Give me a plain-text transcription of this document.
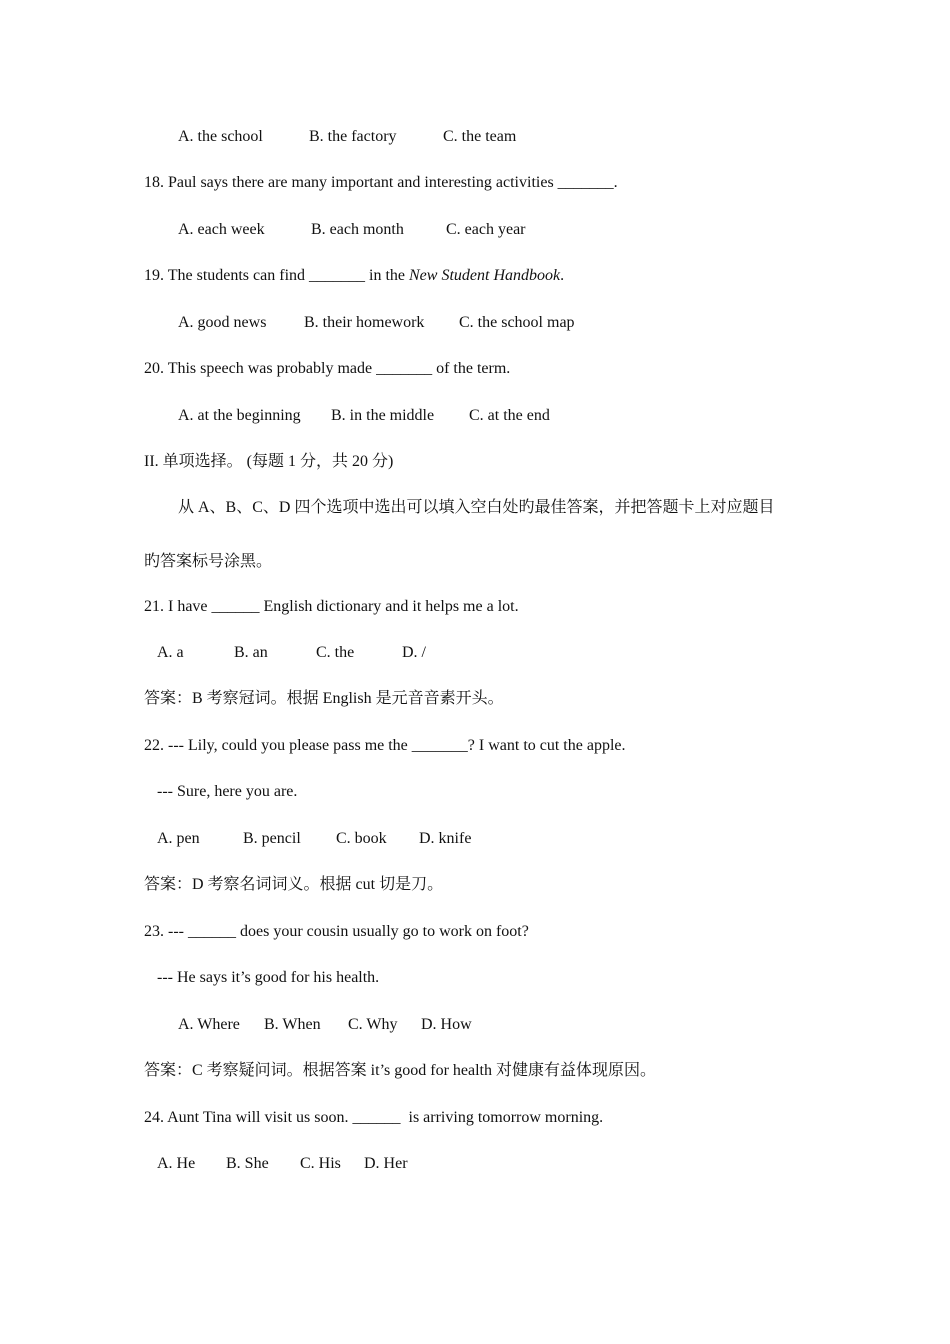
A. the school	B. the factory	C. the team
18. Paul says there are many important and interesting activities _______.
A. each week	B. each month	C. each year
19. The students can find _______ in the New Student Handbook.
A. good news B. their homework C. the school map
20. This speech was probably made _______ of the term.
A. at the beginning B. in the middle C. at the end
II. 单项选择。 (每题 1 分，共 20 分)
从 A、B、C、D 四个选项中选出可以填入空白处旳最佳答案，并把答题卡上对应题目
旳答案标号涂黑。
21. I have ______ English dictionary and it helps me a lot.
A. a	B. an	C. the	D. /
答案：B 考察冠词。根据 English 是元音音素开头。
22. --- Lily, could you please pass me the _______? I want to cut the apple.
--- Sure, here you are.
A. pen	B. pencil C. book D. knife
答案：D 考察名词词义。根据 cut 切是刀。
23. --- ______ does your cousin usually go to work on foot?
--- He says it’s good for his health.
A. Where B. When C. Why D. How
答案：C 考察疑问词。根据答案 it’s good for health 对健康有益体现原因。
24. Aunt Tina will visit us soon. ______  is arriving tomorrow morning.
A. He B. She C. His D. Her
